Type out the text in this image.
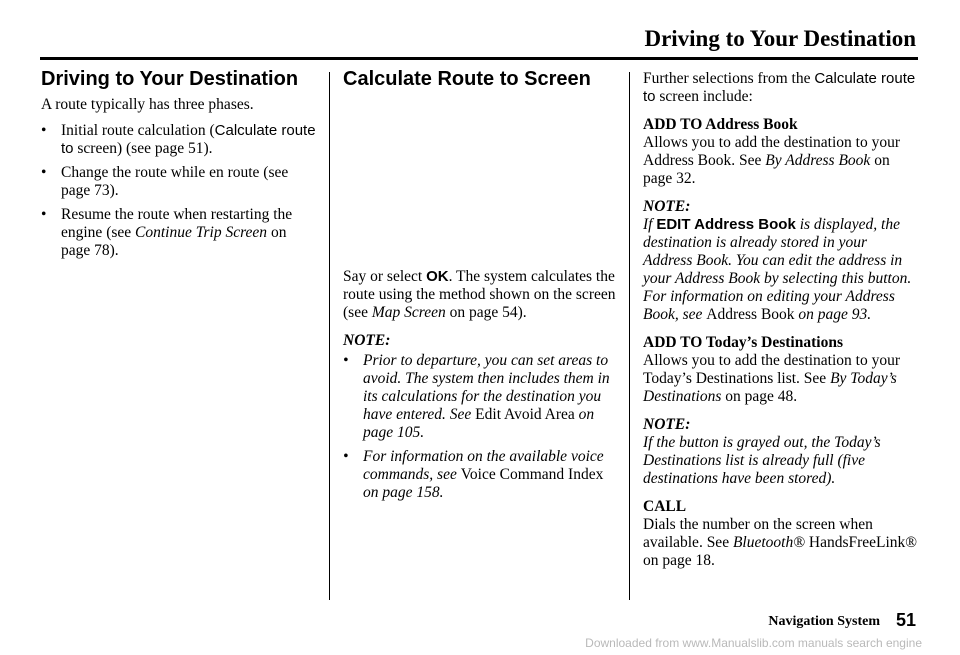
Driving to Your Destination
Driving to Your Destination

A route typically has three phases.

• Initial route calculation (Calculate route to screen) (see page 51).
• Change the route while en route (see page 73).
• Resume the route when restarting the engine (see Continue Trip Screen on page 78).
Calculate Route to Screen

Say or select OK. The system calculates the route using the method shown on the screen (see Map Screen on page 54).

NOTE:
• Prior to departure, you can set areas to avoid. The system then includes them in its calculations for the destination you have entered. See Edit Avoid Area on page 105.
• For information on the available voice commands, see Voice Command Index on page 158.

Further selections from the Calculate route to screen include:

ADD TO Address Book

Allows you to add the destination to your Address Book. See By Address Book on page 32.

NOTE:

If EDIT Address Book is displayed, the destination is already stored in your Address Book. You can edit the address in your Address Book by selecting this button. For information on editing your Address Book, see Address Book on page 93.

ADD TO Today’s Destinations

Allows you to add the destination to your Today’s Destinations list. See By Today’s Destinations on page 48.

NOTE:

If the button is grayed out, the Today’s Destinations list is already full (five destinations have been stored).

CALL

Dials the number on the screen when available. See Bluetooth® HandsFreeLink® on page 18.

Navigation System 51
Downloaded from www.Manualslib.com manuals search engine
